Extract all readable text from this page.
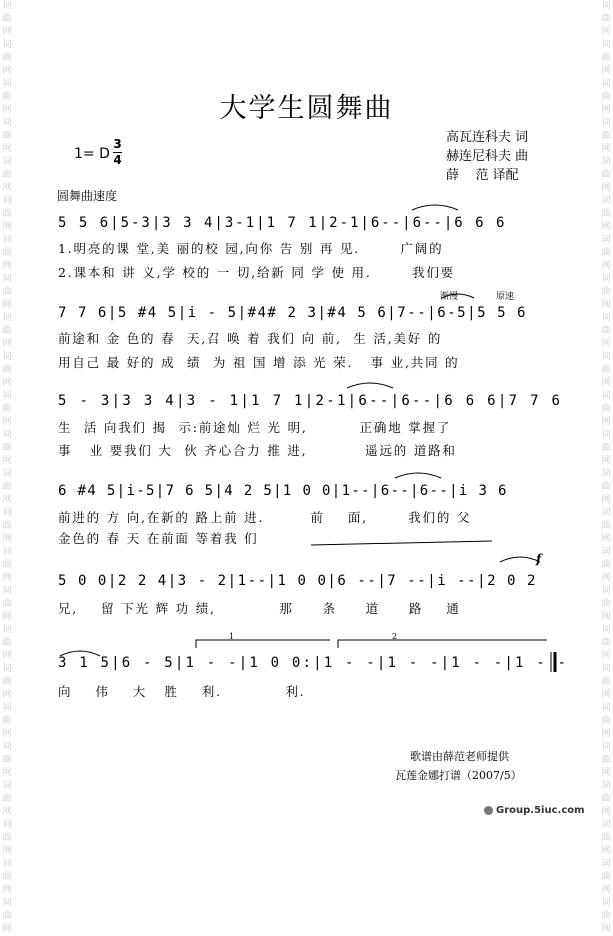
词曲网词曲网词曲网词曲网词曲网词曲网词曲网词曲网词曲网词曲网词曲网词曲网词曲网词曲网词曲网词曲网词曲网词曲网词曲网词曲网词曲网词曲网词曲网词曲网
词曲网词曲网词曲网词曲网词曲网词曲网词曲网词曲网词曲网词曲网词曲网词曲网词曲网词曲网词曲网词曲网词曲网词曲网词曲网词曲网词曲网词曲网词曲网词曲网
大学生圆舞曲
1= D
3
4
高瓦连科夫 词
赫连尼科夫 曲
薛    范 译配
圆舞曲速度
5 5 6|5-3|3 3 4|3-1|1 7 1|2-1|6--|6--|6 6 6
1.明亮的课 堂,美 丽的校 园,向你 告 别 再 见.       广阔的
2.课本和 讲 义,学 校的 一 切,给新 同 学 使 用.       我们要
渐慢	原速
7 7 6|5 #4 5|i - 5|#4# 2 3|#4 5 6|7--|6-5|5 5 6
前途和 金 色的 春  天,召 唤 着 我们 向 前,  生 活,美好 的
用自己 最 好的 成  绩  为 祖 国 增 添 光 荣.   事 业,共同 的
5 - 3|3 3 4|3 - 1|1 7 1|2-1|6--|6--|6 6 6|7 7 6
生  活 向我们 揭  示:前途灿 烂 光 明,         正确地 掌握了
事   业 要我们 大  伙 齐心合力 推 进,          遥远的 道路和
6 #4 5|i-5|7 6 5|4 2 5|1 0 0|1--|6--|6--|i 3 6
前进的 方 向,在新的 路上前 进.        前    面,       我们的 父
金色的 春 天 在前面 等着我 们
f
5 0 0|2 2 4|3 - 2|1--|1 0 0|6 --|7 --|i --|2 0 2
兄,    留 下光 辉 功 绩,           那     条     道     路    通
1	2
3 1 5|6 - 5|1 - -|1 0 0:|1 - -|1 - -|1 - -|1 - -
向    伟    大   胜    利.           利.
歌谱由薛范老师提供
瓦莲金娜打谱（2007/5）
Group.5iuc.com
